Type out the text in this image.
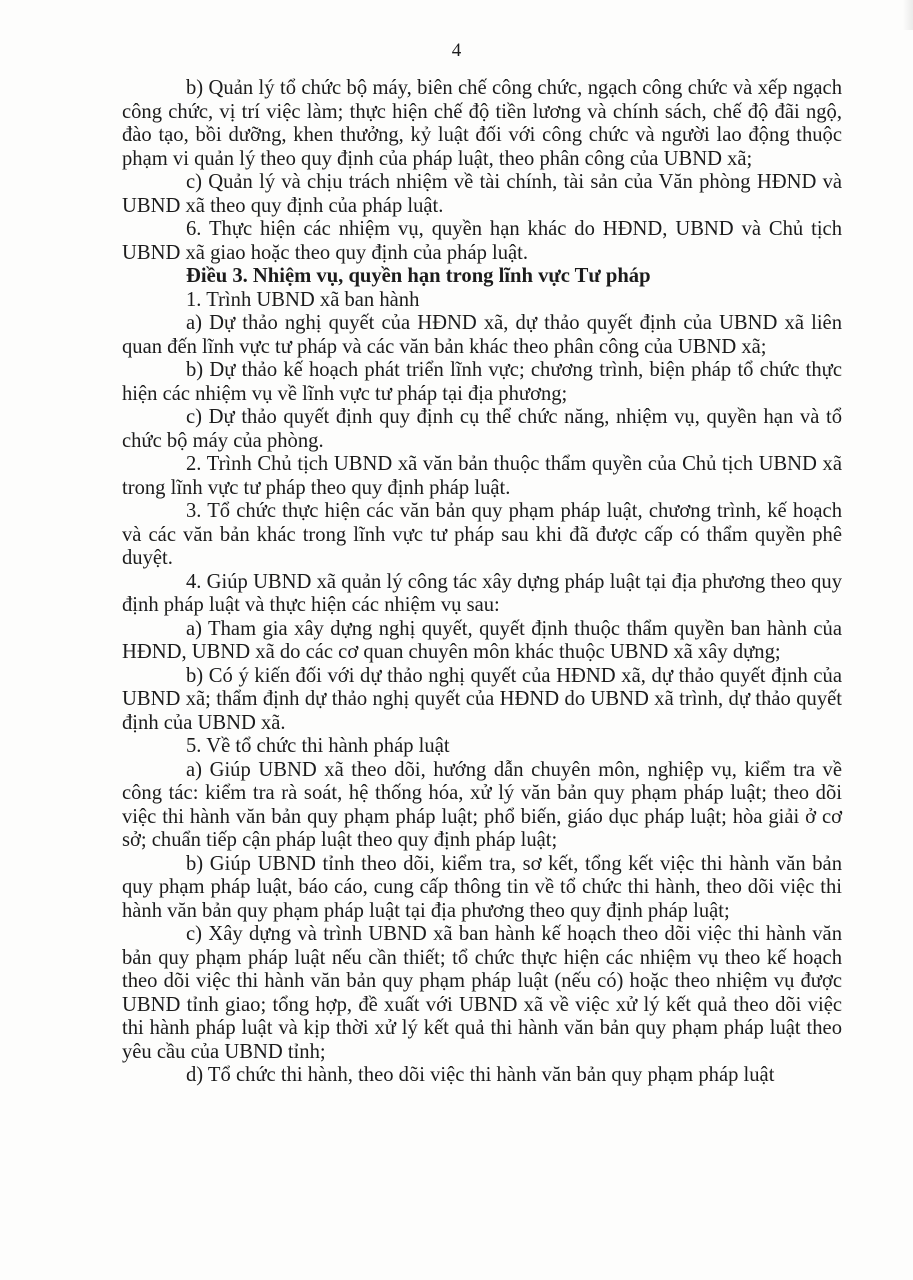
4

b) Quản lý tổ chức bộ máy, biên chế công chức, ngạch công chức và xếp ngạch công chức, vị trí việc làm; thực hiện chế độ tiền lương và chính sách, chế độ đãi ngộ, đào tạo, bồi dưỡng, khen thưởng, kỷ luật đối với công chức và người lao động thuộc phạm vi quản lý theo quy định của pháp luật, theo phân công của UBND xã;

c) Quản lý và chịu trách nhiệm về tài chính, tài sản của Văn phòng HĐND và UBND xã theo quy định của pháp luật.

6. Thực hiện các nhiệm vụ, quyền hạn khác do HĐND, UBND và Chủ tịch UBND xã giao hoặc theo quy định của pháp luật.

Điều 3. Nhiệm vụ, quyền hạn trong lĩnh vực Tư pháp

1. Trình UBND xã ban hành

a) Dự thảo nghị quyết của HĐND xã, dự thảo quyết định của UBND xã liên quan đến lĩnh vực tư pháp và các văn bản khác theo phân công của UBND xã;

b) Dự thảo kế hoạch phát triển lĩnh vực; chương trình, biện pháp tổ chức thực hiện các nhiệm vụ về lĩnh vực tư pháp tại địa phương;

c) Dự thảo quyết định quy định cụ thể chức năng, nhiệm vụ, quyền hạn và tổ chức bộ máy của phòng.

2. Trình Chủ tịch UBND xã văn bản thuộc thẩm quyền của Chủ tịch UBND xã trong lĩnh vực tư pháp theo quy định pháp luật.

3. Tổ chức thực hiện các văn bản quy phạm pháp luật, chương trình, kế hoạch và các văn bản khác trong lĩnh vực tư pháp sau khi đã được cấp có thẩm quyền phê duyệt.

4. Giúp UBND xã quản lý công tác xây dựng pháp luật tại địa phương theo quy định pháp luật và thực hiện các nhiệm vụ sau:

a) Tham gia xây dựng nghị quyết, quyết định thuộc thẩm quyền ban hành của HĐND, UBND xã do các cơ quan chuyên môn khác thuộc UBND xã xây dựng;

b) Có ý kiến đối với dự thảo nghị quyết của HĐND xã, dự thảo quyết định của UBND xã; thẩm định dự thảo nghị quyết của HĐND do UBND xã trình, dự thảo quyết định của UBND xã.

5. Về tổ chức thi hành pháp luật

a) Giúp UBND xã theo dõi, hướng dẫn chuyên môn, nghiệp vụ, kiểm tra về công tác: kiểm tra rà soát, hệ thống hóa, xử lý văn bản quy phạm pháp luật; theo dõi việc thi hành văn bản quy phạm pháp luật; phổ biến, giáo dục pháp luật; hòa giải ở cơ sở; chuẩn tiếp cận pháp luật theo quy định pháp luật;

b) Giúp UBND tỉnh theo dõi, kiểm tra, sơ kết, tổng kết việc thi hành văn bản quy phạm pháp luật, báo cáo, cung cấp thông tin về tổ chức thi hành, theo dõi việc thi hành văn bản quy phạm pháp luật tại địa phương theo quy định pháp luật;

c) Xây dựng và trình UBND xã ban hành kế hoạch theo dõi việc thi hành văn bản quy phạm pháp luật nếu cần thiết; tổ chức thực hiện các nhiệm vụ theo kế hoạch theo dõi việc thi hành văn bản quy phạm pháp luật (nếu có) hoặc theo nhiệm vụ được UBND tỉnh giao; tổng hợp, đề xuất với UBND xã về việc xử lý kết quả theo dõi việc thi hành pháp luật và kịp thời xử lý kết quả thi hành văn bản quy phạm pháp luật theo yêu cầu của UBND tỉnh;

d) Tổ chức thi hành, theo dõi việc thi hành văn bản quy phạm pháp luật
